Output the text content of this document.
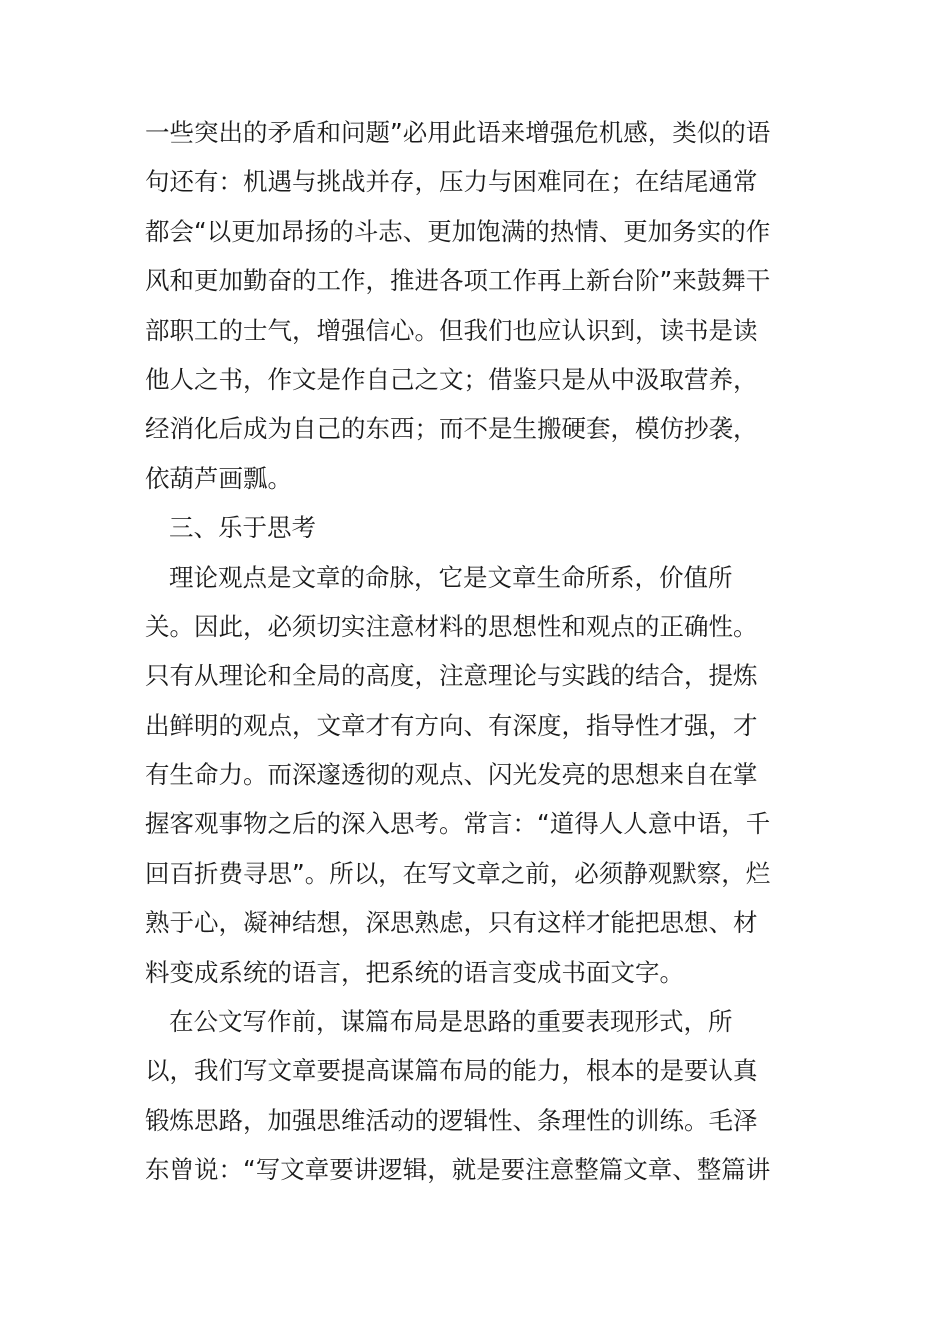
一些突出的矛盾和问题”必用此语来增强危机感，类似的语
句还有：机遇与挑战并存，压力与困难同在；在结尾通常
都会“以更加昂扬的斗志、更加饱满的热情、更加务实的作
风和更加勤奋的工作，推进各项工作再上新台阶”来鼓舞干
部职工的士气，增强信心。但我们也应认识到，读书是读
他人之书，作文是作自己之文；借鉴只是从中汲取营养，
经消化后成为自己的东西；而不是生搬硬套，模仿抄袭，
依葫芦画瓢。
三、乐于思考
理论观点是文章的命脉，它是文章生命所系，价值所
关。因此，必须切实注意材料的思想性和观点的正确性。
只有从理论和全局的高度，注意理论与实践的结合，提炼
出鲜明的观点，文章才有方向、有深度，指导性才强，才
有生命力。而深邃透彻的观点、闪光发亮的思想来自在掌
握客观事物之后的深入思考。常言：“道得人人意中语，千
回百折费寻思”。所以，在写文章之前，必须静观默察，烂
熟于心，凝神结想，深思熟虑，只有这样才能把思想、材
料变成系统的语言，把系统的语言变成书面文字。
在公文写作前，谋篇布局是思路的重要表现形式，所
以，我们写文章要提高谋篇布局的能力，根本的是要认真
锻炼思路，加强思维活动的逻辑性、条理性的训练。毛泽
东曾说：“写文章要讲逻辑，就是要注意整篇文章、整篇讲
